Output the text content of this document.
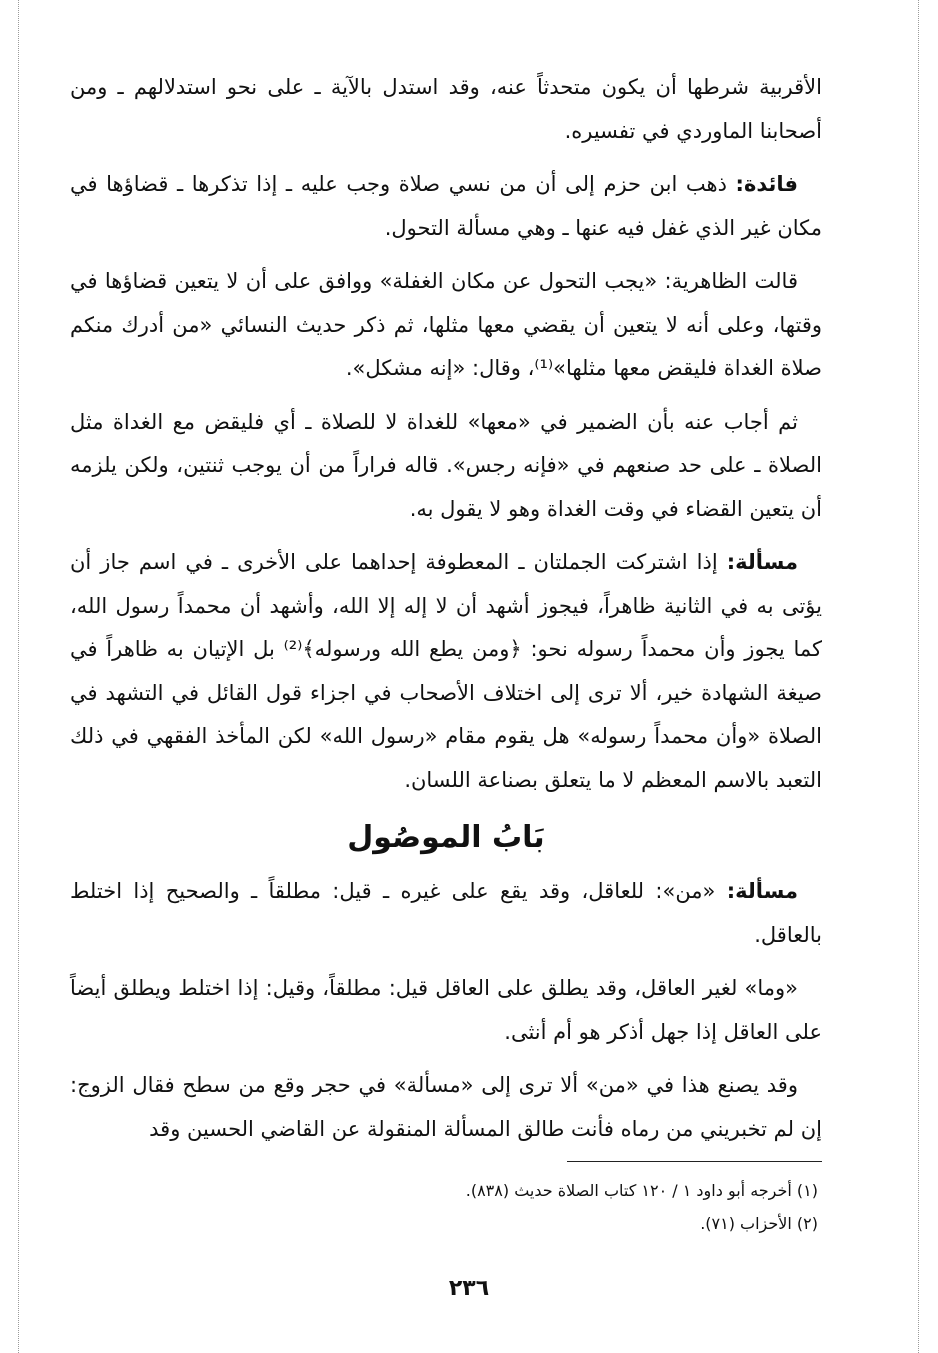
الأقربية شرطها أن يكون متحدثاً عنه، وقد استدل بالآية ـ على نحو استدلالهم ـ ومن أصحابنا الماوردي في تفسيره.

فائدة: ذهب ابن حزم إلى أن من نسي صلاة وجب عليه ـ إذا تذكرها ـ قضاؤها في مكان غير الذي غفل فيه عنها ـ وهي مسألة التحول.

قالت الظاهرية: «يجب التحول عن مكان الغفلة» ووافق على أن لا يتعين قضاؤها في وقتها، وعلى أنه لا يتعين أن يقضي معها مثلها، ثم ذكر حديث النسائي «من أدرك منكم صلاة الغداة فليقض معها مثلها»⁽¹⁾، وقال: «إنه مشكل».

ثم أجاب عنه بأن الضمير في «معها» للغداة لا للصلاة ـ أي فليقض مع الغداة مثل الصلاة ـ على حد صنعهم في «فإنه رجس». قاله فراراً من أن يوجب ثنتين، ولكن يلزمه أن يتعين القضاء في وقت الغداة وهو لا يقول به.

مسألة: إذا اشتركت الجملتان ـ المعطوفة إحداهما على الأخرى ـ في اسم جاز أن يؤتى به في الثانية ظاهراً، فيجوز أشهد أن لا إله إلا الله، وأشهد أن محمداً رسول الله، كما يجوز وأن محمداً رسوله نحو: ﴿ومن يطع الله ورسوله﴾⁽²⁾ بل الإتيان به ظاهراً في صيغة الشهادة خير، ألا ترى إلى اختلاف الأصحاب في اجزاء قول القائل في التشهد في الصلاة «وأن محمداً رسوله» هل يقوم مقام «رسول الله» لكن المأخذ الفقهي في ذلك التعبد بالاسم المعظم لا ما يتعلق بصناعة اللسان.

بَابُ الموصُول

مسألة: «من»: للعاقل، وقد يقع على غيره ـ قيل: مطلقاً ـ والصحيح إذا اختلط بالعاقل.

«وما» لغير العاقل، وقد يطلق على العاقل قيل: مطلقاً، وقيل: إذا اختلط ويطلق أيضاً على العاقل إذا جهل أذكر هو أم أنثى.

وقد يصنع هذا في «من» ألا ترى إلى «مسألة» في حجر وقع من سطح فقال الزوج: إن لم تخبريني من رماه فأنت طالق المسألة المنقولة عن القاضي الحسين وقد

(١) أخرجه أبو داود ١ / ١٢٠ كتاب الصلاة حديث (٨٣٨).
(٢) الأحزاب (٧١).
٢٣٦
